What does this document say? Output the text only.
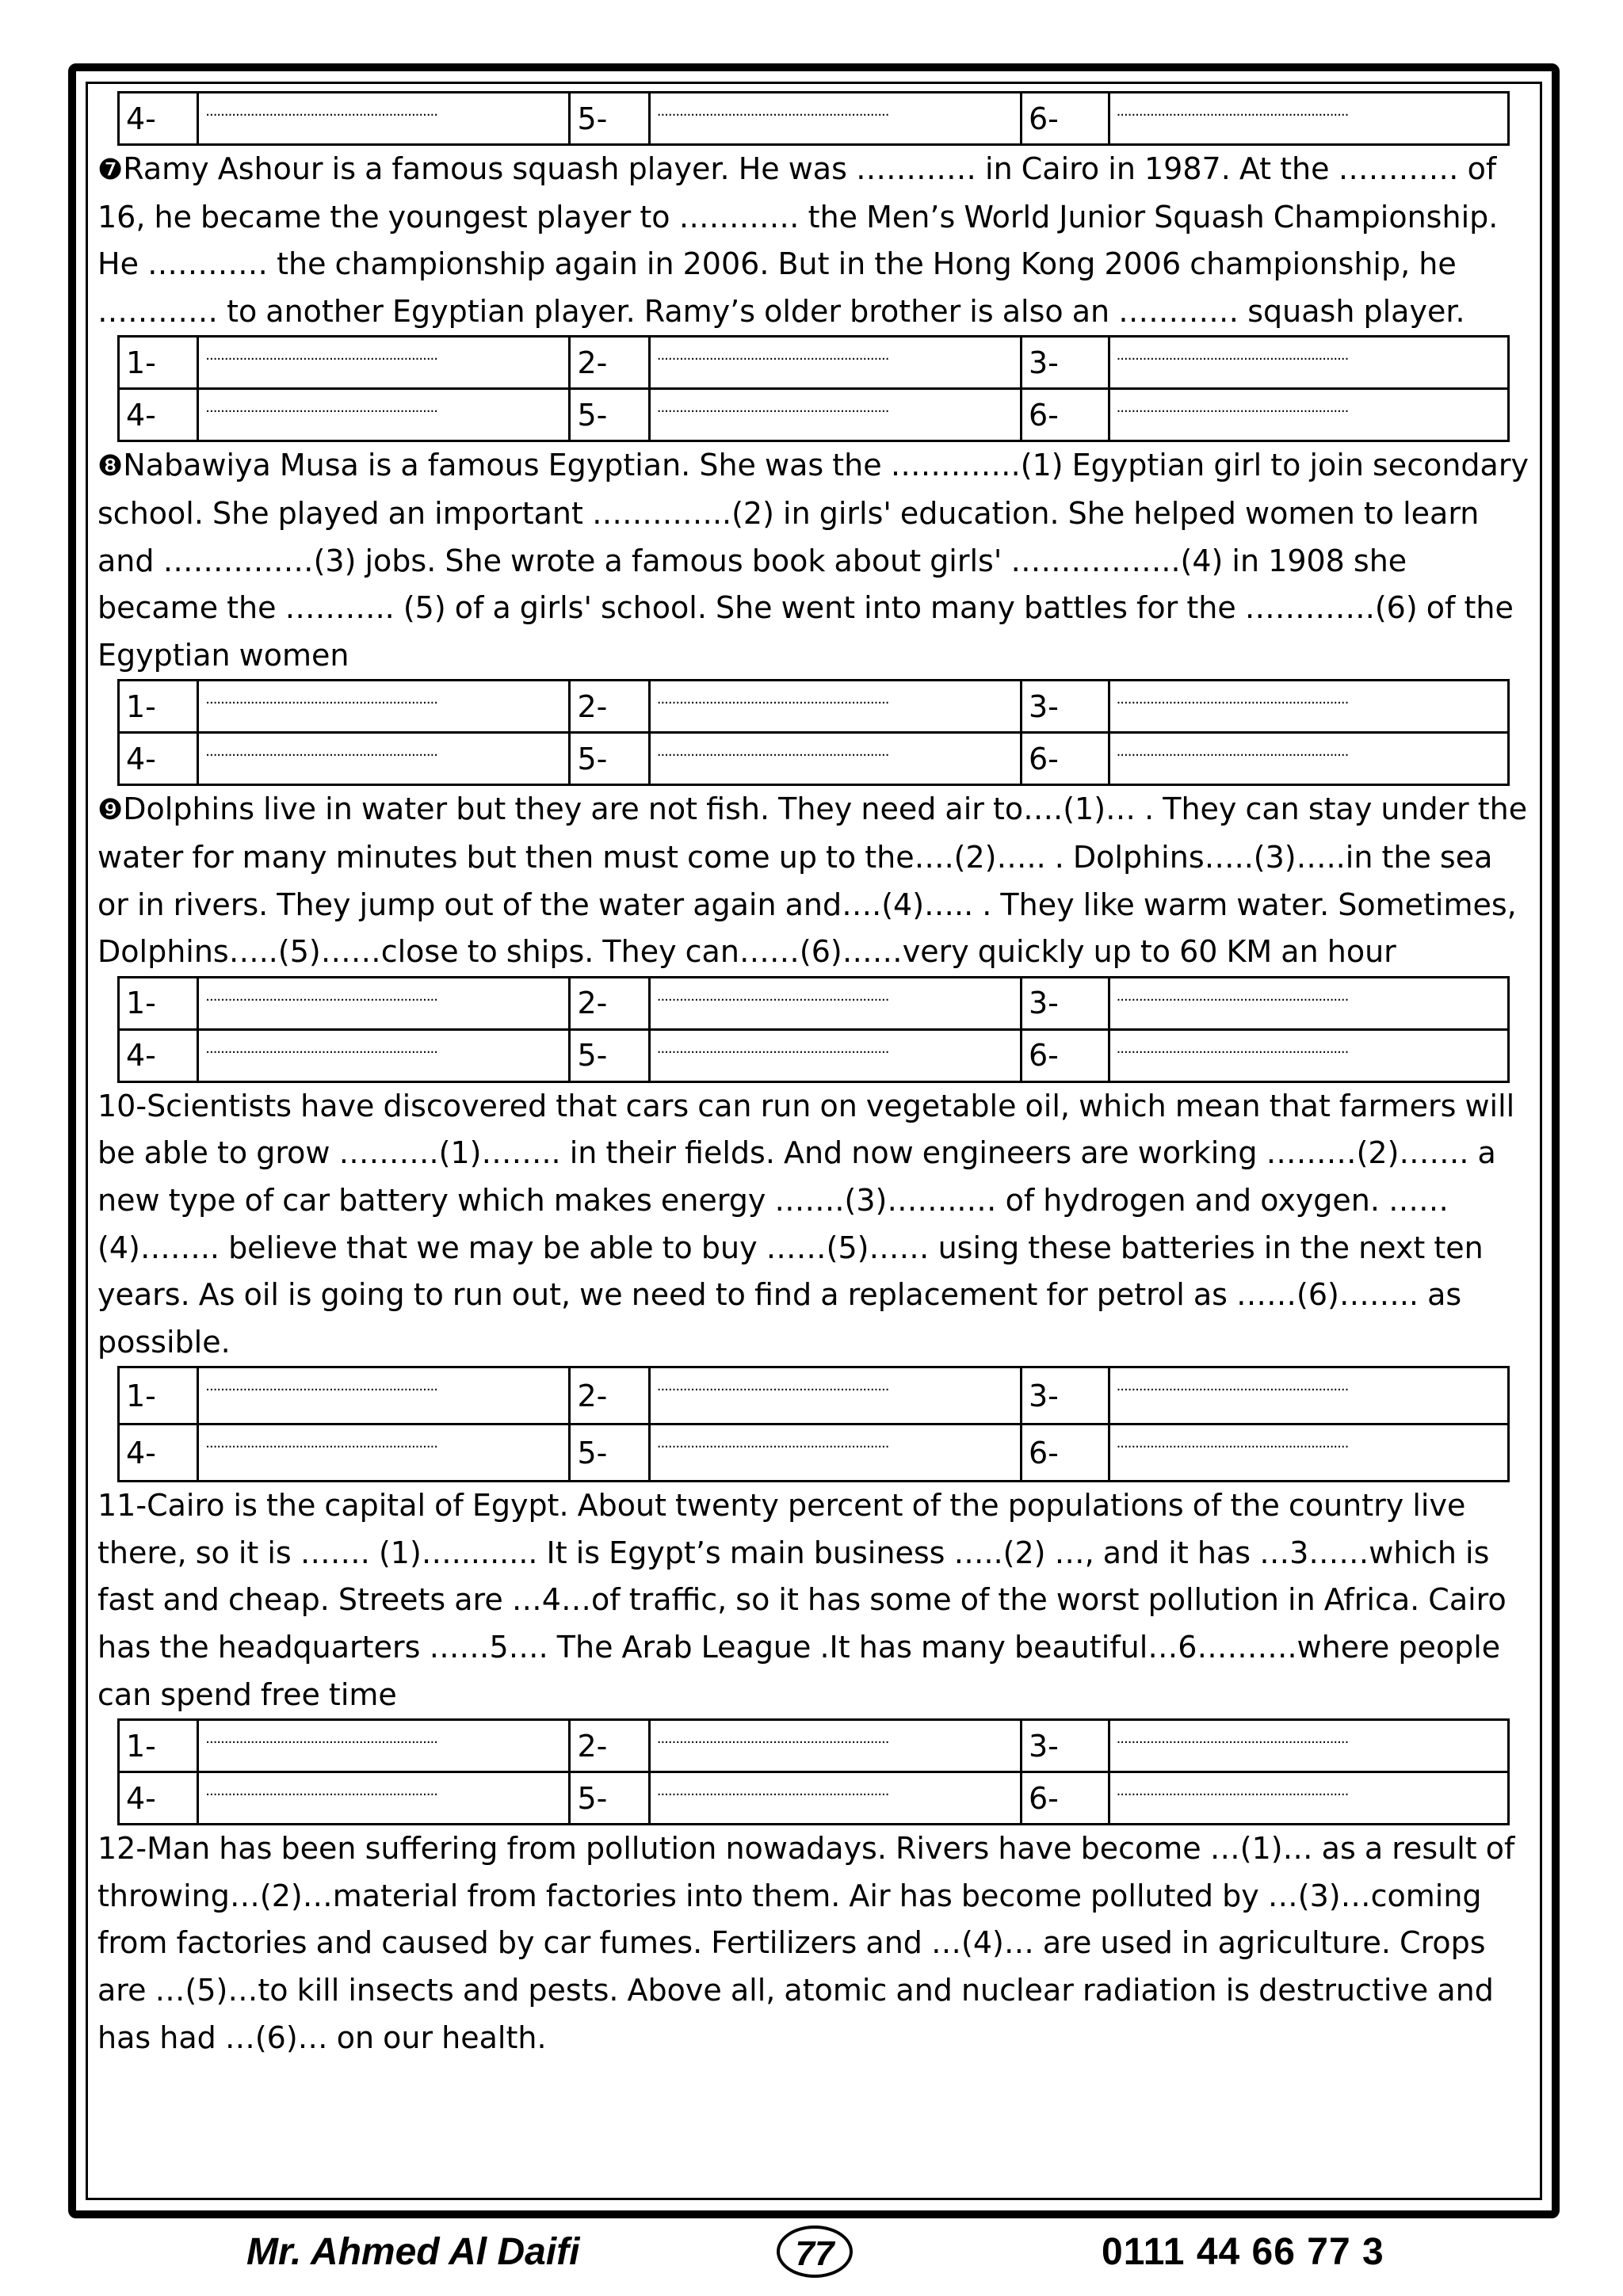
4-	..............................................................	5-	..............................................................	6-	..............................................................

❼Ramy Ashour is a famous squash player. He was ………… in Cairo in 1987. At the ………… of 16, he became the youngest player to ………… the Men’s World Junior Squash Championship. He ………… the championship again in 2006. But in the Hong Kong 2006 championship, he ………… to another Egyptian player. Ramy’s older brother is also an ………… squash player.

1-	..............................................................	2-	..............................................................	3-	..............................................................
4-	..............................................................	5-	..............................................................	6-	..............................................................

❽Nabawiya Musa is a famous Egyptian. She was the ………….(1) Egyptian girl to join secondary school. She played an important …………..(2) in girls' education. She helped women to learn and ……………(3) jobs. She wrote a famous book about girls' ……………..(4) in 1908 she became the ……….. (5) of a girls' school. She went into many battles for the ………….(6) of the Egyptian women

1-	..............................................................	2-	..............................................................	3-	..............................................................
4-	..............................................................	5-	..............................................................	6-	..............................................................

❾Dolphins live in water but they are not fish. They need air to….(1)… . They can stay under the water for many minutes but then must come up to the….(2)….. . Dolphins…..(3)…..in the sea or in rivers. They jump out of the water again and….(4)….. . They like warm water. Sometimes, Dolphins…..(5)……close to ships. They can……(6)……very quickly up to 60 KM an hour

1-	..............................................................	2-	..............................................................	3-	..............................................................
4-	..............................................................	5-	..............................................................	6-	..............................................................

10-Scientists have discovered that cars can run on vegetable oil, which mean that farmers will be able to grow ……….(1)…….. in their fields. And now engineers are working ………(2)……. a new type of car battery which makes energy …….(3)……..… of hydrogen and oxygen. ……(4)…….. believe that we may be able to buy ……(5)…… using these batteries in the next ten years. As oil is going to run out, we need to find a replacement for petrol as ……(6)…….. as possible.

1-	..............................................................	2-	..............................................................	3-	..............................................................
4-	..............................................................	5-	..............................................................	6-	..............................................................

11-Cairo is the capital of Egypt. About twenty percent of the populations of the country live there, so it is ……. (1)…......... It is Egypt’s main business …..(2) …, and it has …3……which is fast and cheap. Streets are …4…of traffic, so it has some of the worst pollution in Africa. Cairo has the headquarters ……5…. The Arab League .It has many beautiful…6……….where people can spend free time

1-	..............................................................	2-	..............................................................	3-	..............................................................
4-	..............................................................	5-	..............................................................	6-	..............................................................

12-Man has been suffering from pollution nowadays. Rivers have become …(1)… as a result of throwing…(2)…material from factories into them. Air has become polluted by …(3)…coming from factories and caused by car fumes. Fertilizers and …(4)… are used in agriculture. Crops are …(5)…to kill insects and pests. Above all, atomic and nuclear radiation is destructive and has had …(6)… on our health.

Mr. Ahmed Al Daifi	77	0111 44 66 77 3
